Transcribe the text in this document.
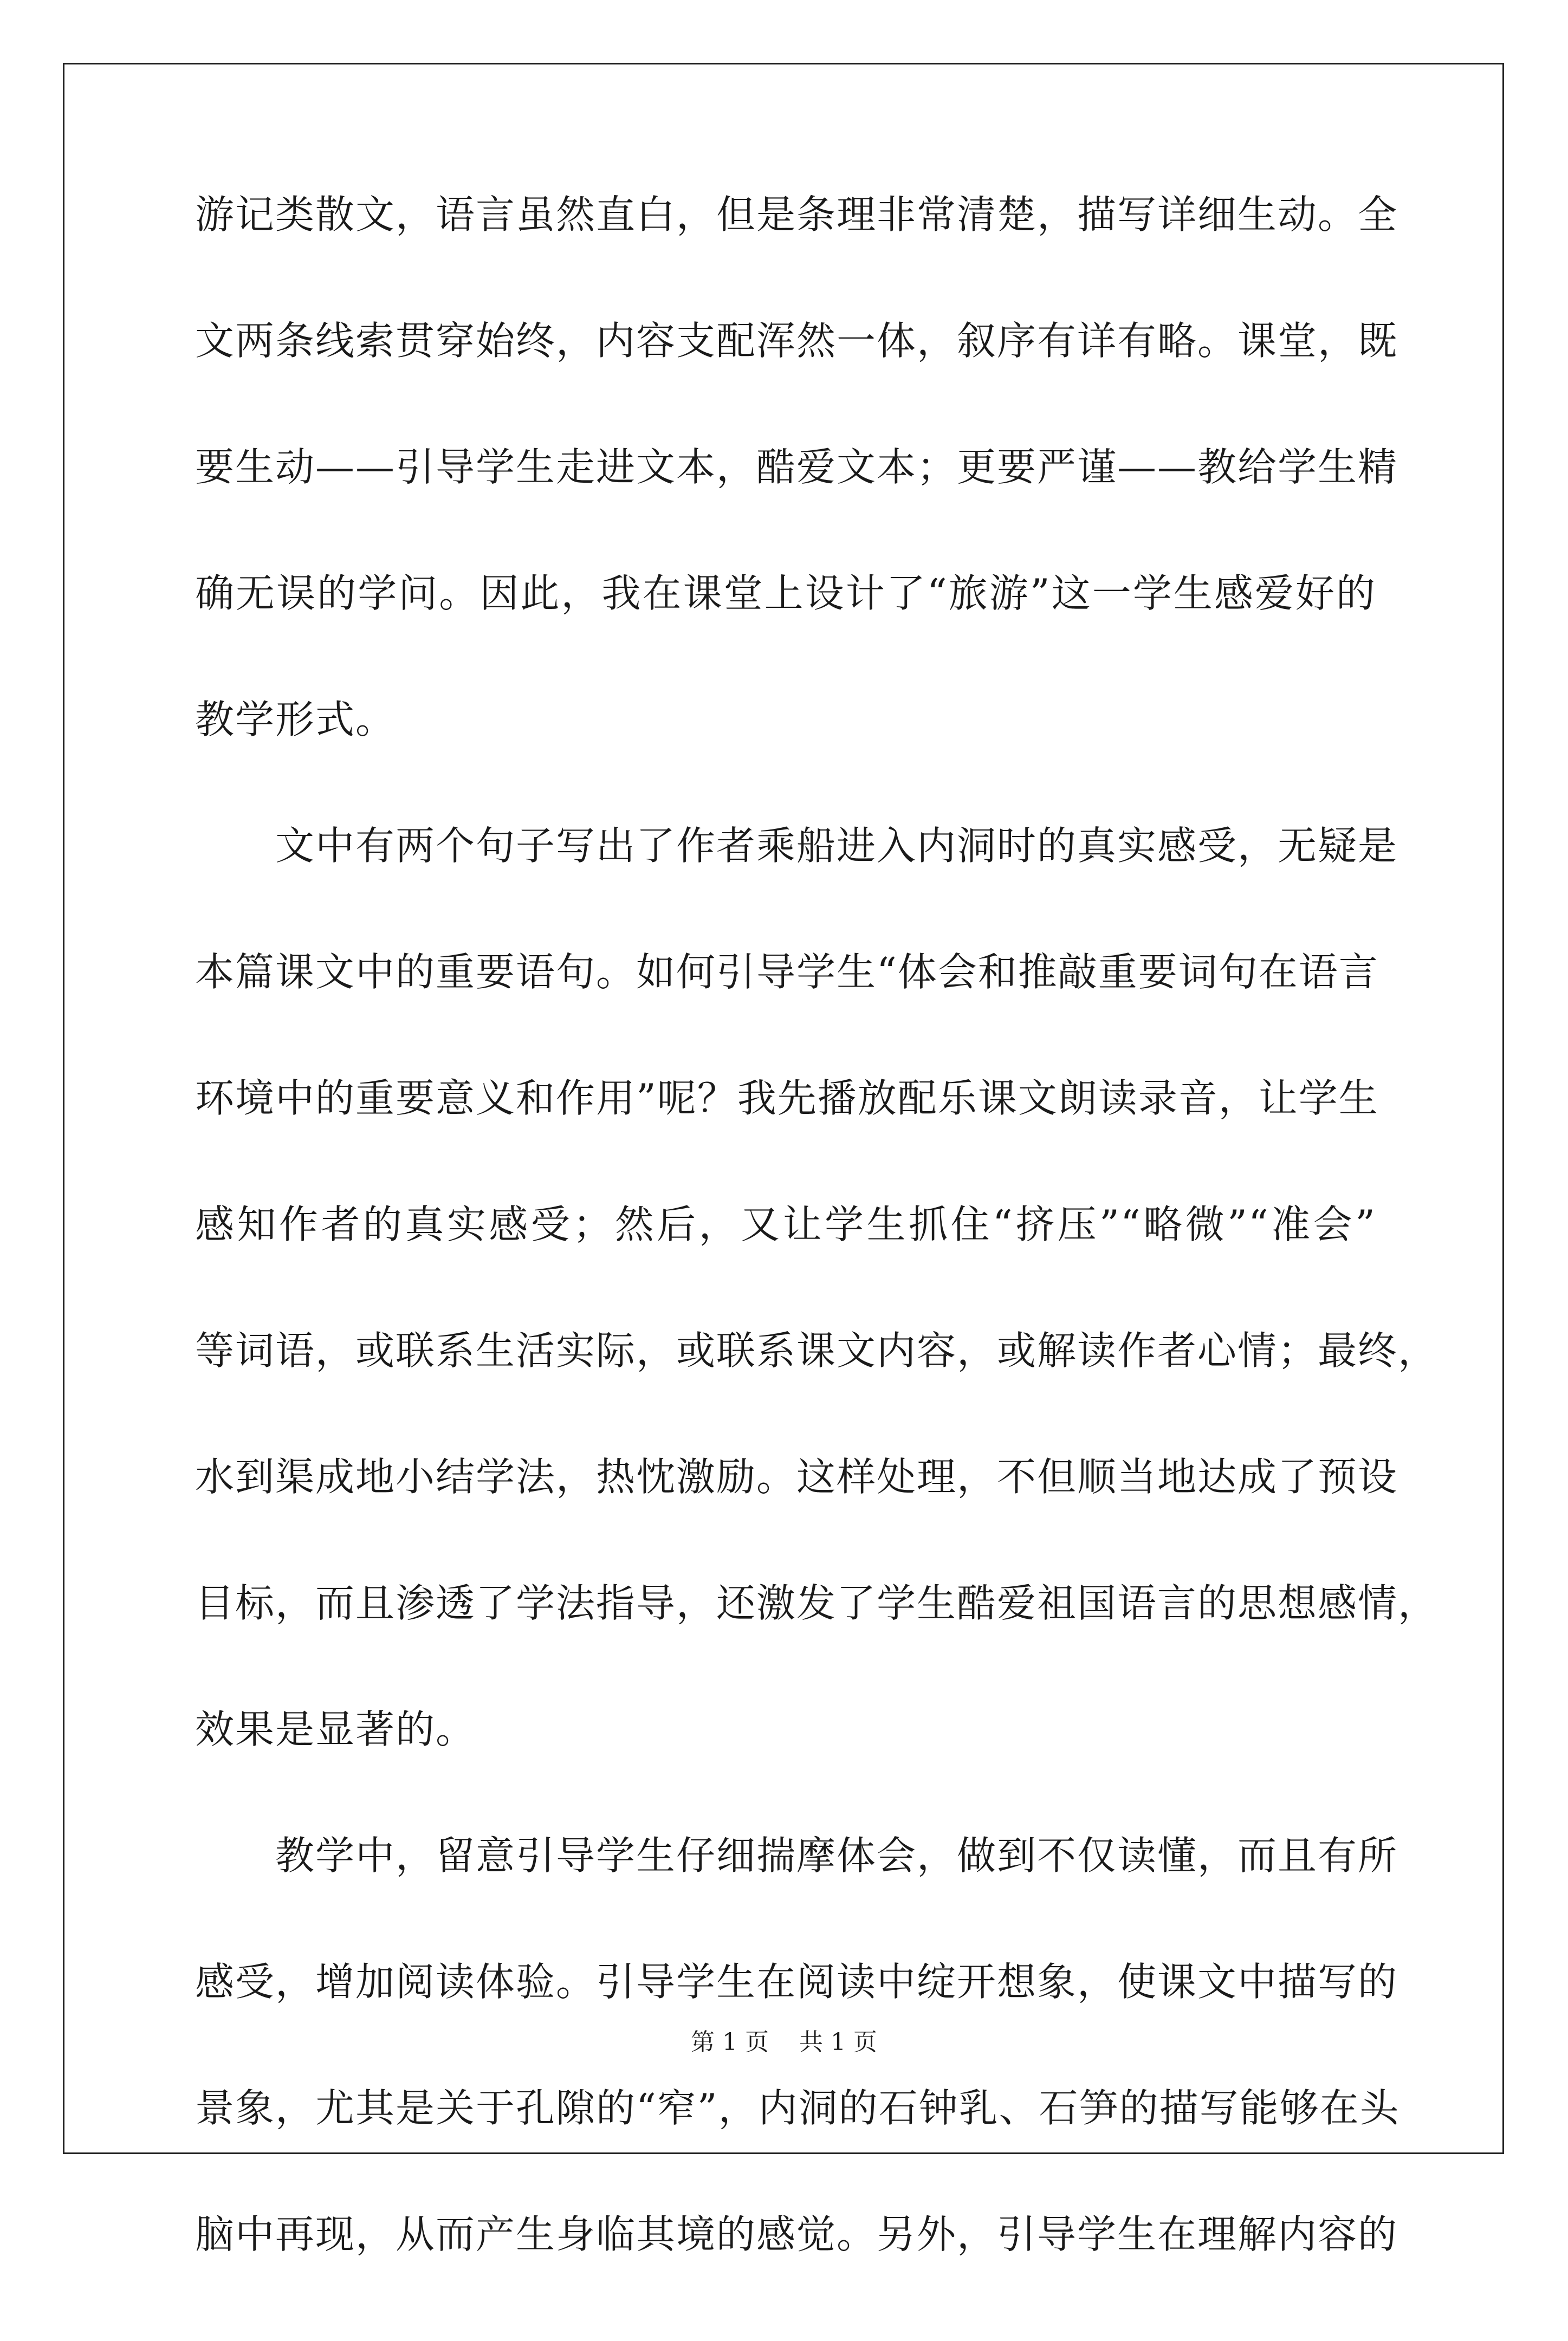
游记类散文，语言虽然直白，但是条理非常清楚，描写详细生动。全
文两条线索贯穿始终，内容支配浑然一体，叙序有详有略。课堂，既
要生动——引导学生走进文本，酷爱文本；更要严谨——教给学生精
确无误的学问。因此，我在课堂上设计了“旅游”这一学生感爱好的
教学形式。
文中有两个句子写出了作者乘船进入内洞时的真实感受，无疑是
本篇课文中的重要语句。如何引导学生“体会和推敲重要词句在语言
环境中的重要意义和作用”呢？我先播放配乐课文朗读录音，让学生
感知作者的真实感受；然后，又让学生抓住“挤压”“略微”“准会”
等词语，或联系生活实际，或联系课文内容，或解读作者心情；最终，
水到渠成地小结学法，热忱激励。这样处理，不但顺当地达成了预设
目标，而且渗透了学法指导，还激发了学生酷爱祖国语言的思想感情，
效果是显著的。
教学中，留意引导学生仔细揣摩体会，做到不仅读懂，而且有所
感受，增加阅读体验。引导学生在阅读中绽开想象，使课文中描写的
景象，尤其是关于孔隙的“窄”，内洞的石钟乳、石笋的描写能够在头
脑中再现，从而产生身临其境的感觉。另外，引导学生在理解内容的
第 1 页    共 1 页
